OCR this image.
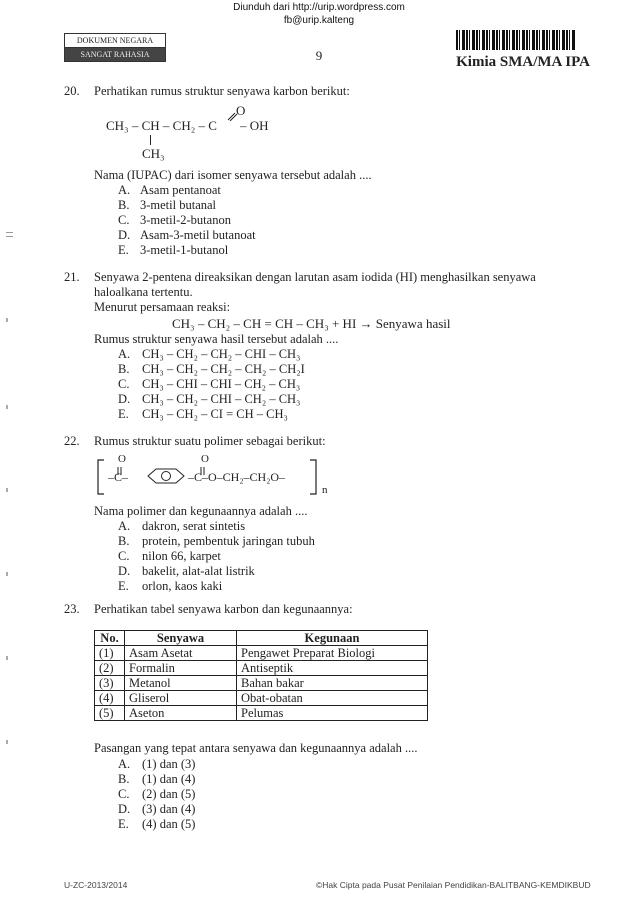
Diunduh dari http://urip.wordpress.com
fb@urip.kalteng
DOKUMEN NEGARA
SANGAT RAHASIA	9	Kimia SMA/MA IPA
20. Perhatikan rumus struktur senyawa karbon berikut:
O
CH₃ – CH – CH₂ – C – OH
CH₃
Nama (IUPAC) dari isomer senyawa tersebut adalah ....
A. Asam pentanoat
B. 3-metil butanal
C. 3-metil-2-butanon
D. Asam-3-metil butanoat
E. 3-metil-1-butanol
21. Senyawa 2-pentena direaksikan dengan larutan asam iodida (HI) menghasilkan senyawa
haloalkana tertentu.
Menurut persamaan reaksi:
CH₃ – CH₂ – CH = CH – CH₃ + HI → Senyawa hasil
Rumus struktur senyawa hasil tersebut adalah ....
A. CH₃ – CH₂ – CH₂ – CHI – CH₃
B. CH₃ – CH₂ – CH₂ – CH₂ – CH₂I
C. CH₃ – CHI – CHI – CH₂ – CH₃
D. CH₃ – CH₂ – CHI – CH₂ – CH₃
E. CH₃ – CH₂ – CI = CH – CH₃
22. Rumus struktur suatu polimer sebagai berikut:
O	O
–C–	–C–O–CH₂–CH₂O–
n
Nama polimer dan kegunaannya adalah ....
A. dakron, serat sintetis
B. protein, pembentuk jaringan tubuh
C. nilon 66, karpet
D. bakelit, alat-alat listrik
E. orlon, kaos kaki
23. Perhatikan tabel senyawa karbon dan kegunaannya:
No.	Senyawa	Kegunaan
(1)	Asam Asetat	Pengawet Preparat Biologi
(2)	Formalin	Antiseptik
(3)	Metanol	Bahan bakar
(4)	Gliserol	Obat-obatan
(5)	Aseton	Pelumas
Pasangan yang tepat antara senyawa dan kegunaannya adalah ....
A. (1) dan (3)
B. (1) dan (4)
C. (2) dan (5)
D. (3) dan (4)
E. (4) dan (5)
U-ZC-2013/2014	©Hak Cipta pada Pusat Penilaian Pendidikan-BALITBANG-KEMDIKBUD
